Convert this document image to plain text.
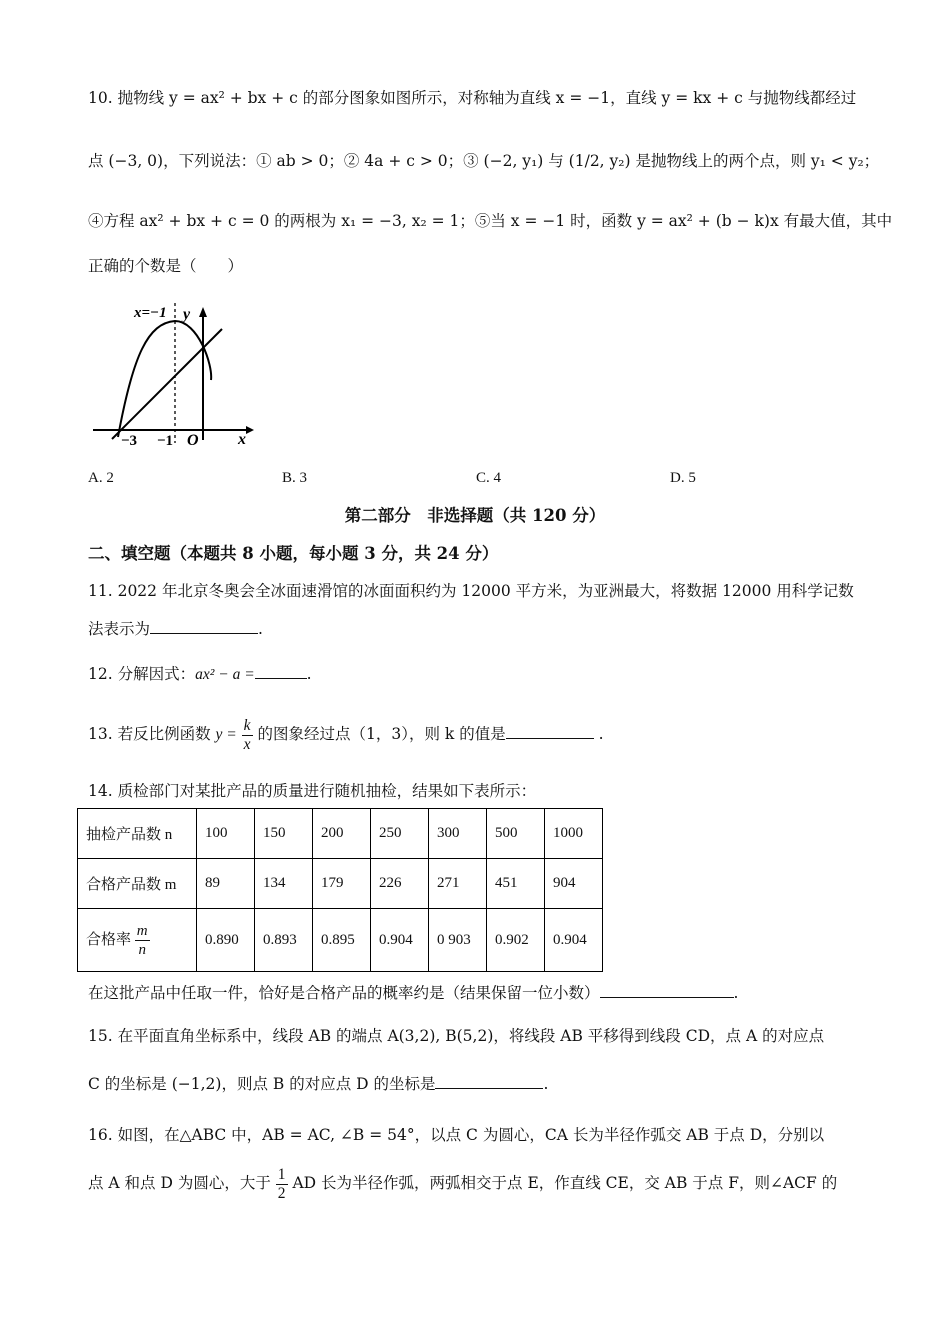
10. 抛物线 y = ax² + bx + c 的部分图象如图所示，对称轴为直线 x = −1，直线 y = kx + c 与抛物线都经过
点 (−3, 0)，下列说法：① ab > 0；② 4a + c > 0；③ (−2, y₁) 与 (1/2, y₂) 是抛物线上的两个点，则 y₁ < y₂；
④方程 ax² + bx + c = 0 的两根为 x₁ = −3, x₂ = 1；⑤当 x = −1 时，函数 y = ax² + (b − k)x 有最大值，其中
正确的个数是（　　）
x=−1 y
x
O
−3 −1
A. 2	B. 3	C. 4	D. 5
第二部分　非选择题（共 120 分）
二、填空题（本题共 8 小题，每小题 3 分，共 24 分）
11. 2022 年北京冬奥会全冰面速滑馆的冰面面积约为 12000 平方米，为亚洲最大，将数据 12000 用科学记数
法表示为	.
12. 分解因式：ax² − a =	.
13. 若反比例函数 $y = \frac{k}{x}$ 的图象经过点（1，3），则 k 的值是	.
14. 质检部门对某批产品的质量进行随机抽检，结果如下表所示：
抽检产品数 n	100	150	200	250	300	500	1000
合格产品数 m	89	134	179	226	271	451	904
合格率 $\frac{m}{n}$	0.890	0.893	0.895	0.904	0 903	0.902	0.904
在这批产品中任取一件，恰好是合格产品的概率约是（结果保留一位小数）	.
15. 在平面直角坐标系中，线段 AB 的端点 A(3,2), B(5,2)，将线段 AB 平移得到线段 CD，点 A 的对应点
C 的坐标是 (−1,2)，则点 B 的对应点 D 的坐标是	.
16. 如图，在△ABC 中，AB = AC, ∠B = 54°，以点 C 为圆心，CA 长为半径作弧交 AB 于点 D，分别以
点 A 和点 D 为圆心，大于 $\frac{1}{2}$ AD 长为半径作弧，两弧相交于点 E，作直线 CE，交 AB 于点 F，则∠ACF 的
